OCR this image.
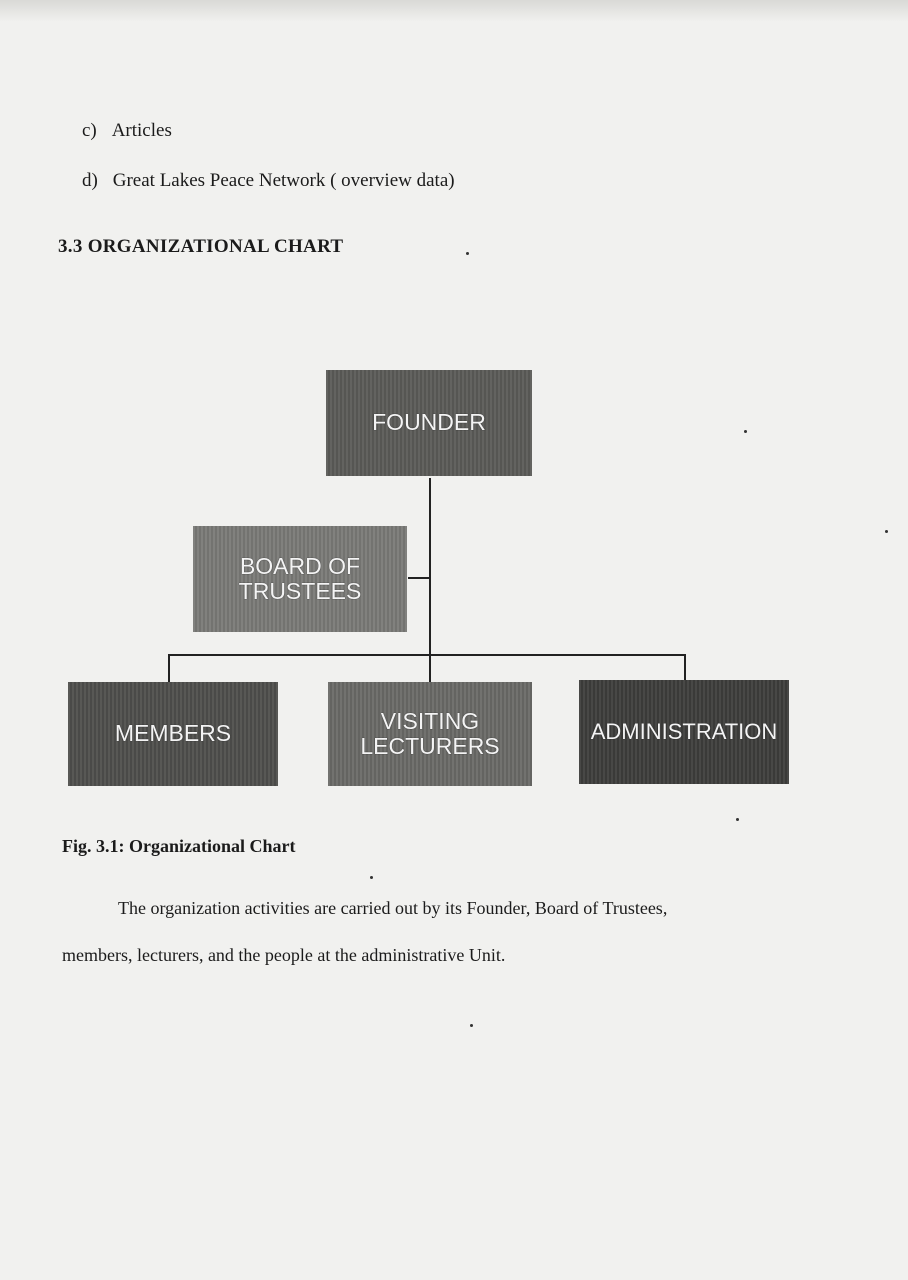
c) Articles
d) Great Lakes Peace Network ( overview data)
3.3 ORGANIZATIONAL CHART
FOUNDER
BOARD OF
TRUSTEES
MEMBERS	VISITING
LECTURERS
ADMINISTRATION
Fig. 3.1: Organizational Chart
The organization activities are carried out by its Founder, Board of Trustees,
members, lecturers, and the people at the administrative Unit.
